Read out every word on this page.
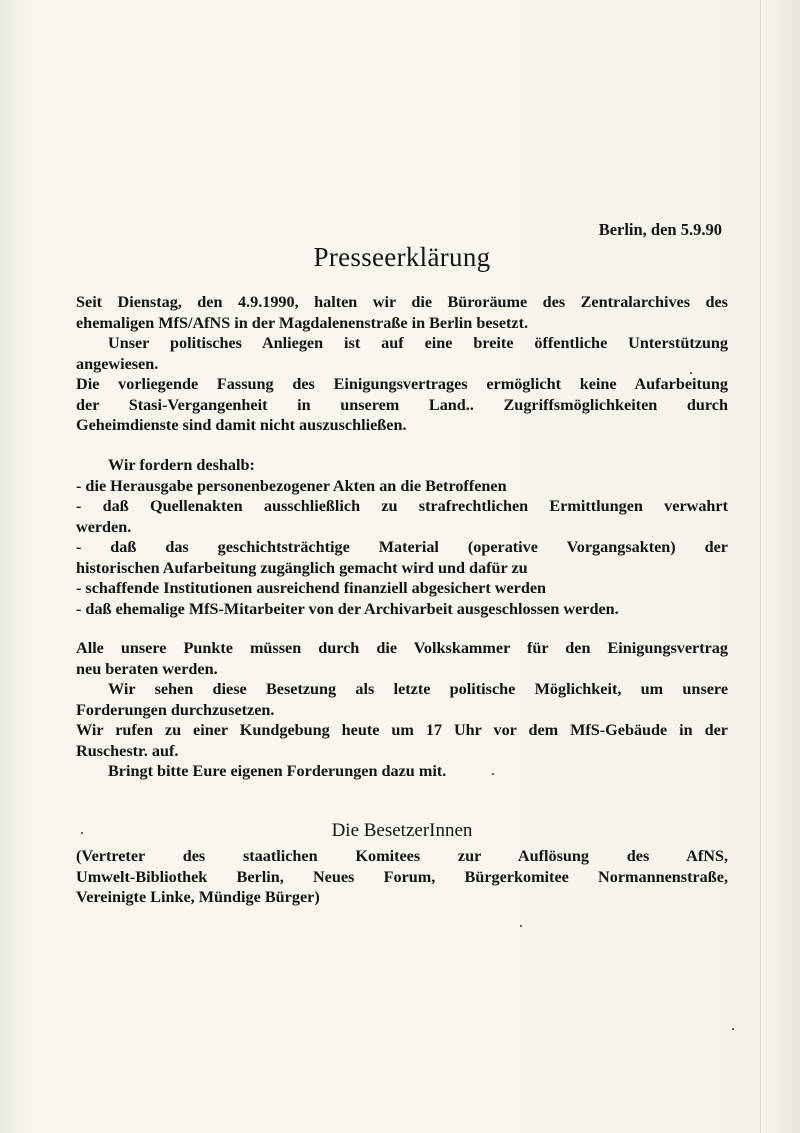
Berlin, den 5.9.90
Presseerklärung
Seit Dienstag, den 4.9.1990, halten wir die Büroräume des Zentralarchives des
ehemaligen MfS/AfNS in der Magdalenenstraße in Berlin besetzt.
Unser politisches Anliegen ist auf eine breite öffentliche Unterstützung
angewiesen.
Die vorliegende Fassung des Einigungsvertrages ermöglicht keine Aufarbeitung
der Stasi-Vergangenheit in unserem Land.. Zugriffsmöglichkeiten durch
Geheimdienste sind damit nicht auszuschließen.
Wir fordern deshalb:
- die Herausgabe personenbezogener Akten an die Betroffenen
- daß Quellenakten ausschließlich zu strafrechtlichen Ermittlungen verwahrt
werden.
- daß das geschichtsträchtige Material (operative Vorgangsakten) der
historischen Aufarbeitung zugänglich gemacht wird und dafür zu
- schaffende Institutionen ausreichend finanziell abgesichert werden
- daß ehemalige MfS-Mitarbeiter von der Archivarbeit ausgeschlossen werden.
Alle unsere Punkte müssen durch die Volkskammer für den Einigungsvertrag
neu beraten werden.
Wir sehen diese Besetzung als letzte politische Möglichkeit, um unsere
Forderungen durchzusetzen.
Wir rufen zu einer Kundgebung heute um 17 Uhr vor dem MfS-Gebäude in der
Ruschestr. auf.
Bringt bitte Eure eigenen Forderungen dazu mit.
Die BesetzerInnen
(Vertreter des staatlichen Komitees zur Auflösung des AfNS,
Umwelt-Bibliothek Berlin, Neues Forum, Bürgerkomitee Normannenstraße,
Vereinigte Linke, Mündige Bürger)
